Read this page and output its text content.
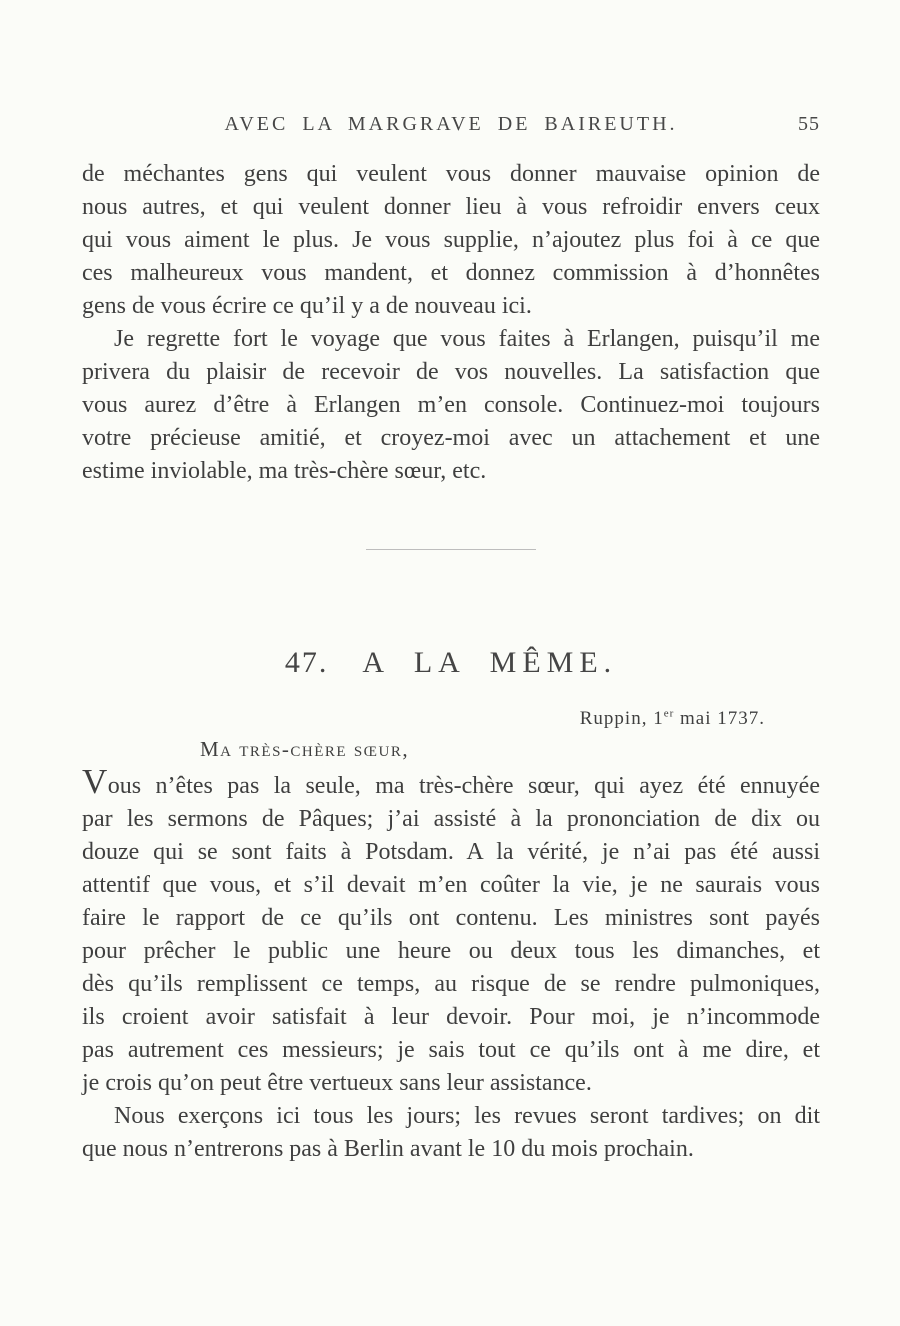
AVEC LA MARGRAVE DE BAIREUTH.	55
de méchantes gens qui veulent vous donner mauvaise opinion de
nous autres, et qui veulent donner lieu à vous refroidir envers ceux
qui vous aiment le plus. Je vous supplie, n’ajoutez plus foi à ce que
ces malheureux vous mandent, et donnez commission à d’honnêtes
gens de vous écrire ce qu’il y a de nouveau ici.
Je regrette fort le voyage que vous faites à Erlangen, puisqu’il me
privera du plaisir de recevoir de vos nouvelles. La satisfaction que
vous aurez d’être à Erlangen m’en console. Continuez-moi toujours
votre précieuse amitié, et croyez-moi avec un attachement et une
estime inviolable, ma très-chère sœur, etc.
47. A LA MÊME.
Ruppin, 1er mai 1737.
Ma très-chère sœur,
Vous n’êtes pas la seule, ma très-chère sœur, qui ayez été ennuyée
par les sermons de Pâques; j’ai assisté à la prononciation de dix ou
douze qui se sont faits à Potsdam. A la vérité, je n’ai pas été aussi
attentif que vous, et s’il devait m’en coûter la vie, je ne saurais vous
faire le rapport de ce qu’ils ont contenu. Les ministres sont payés
pour prêcher le public une heure ou deux tous les dimanches, et
dès qu’ils remplissent ce temps, au risque de se rendre pulmoniques,
ils croient avoir satisfait à leur devoir. Pour moi, je n’incommode
pas autrement ces messieurs; je sais tout ce qu’ils ont à me dire, et
je crois qu’on peut être vertueux sans leur assistance.
Nous exerçons ici tous les jours; les revues seront tardives; on dit
que nous n’entrerons pas à Berlin avant le 10 du mois prochain.
